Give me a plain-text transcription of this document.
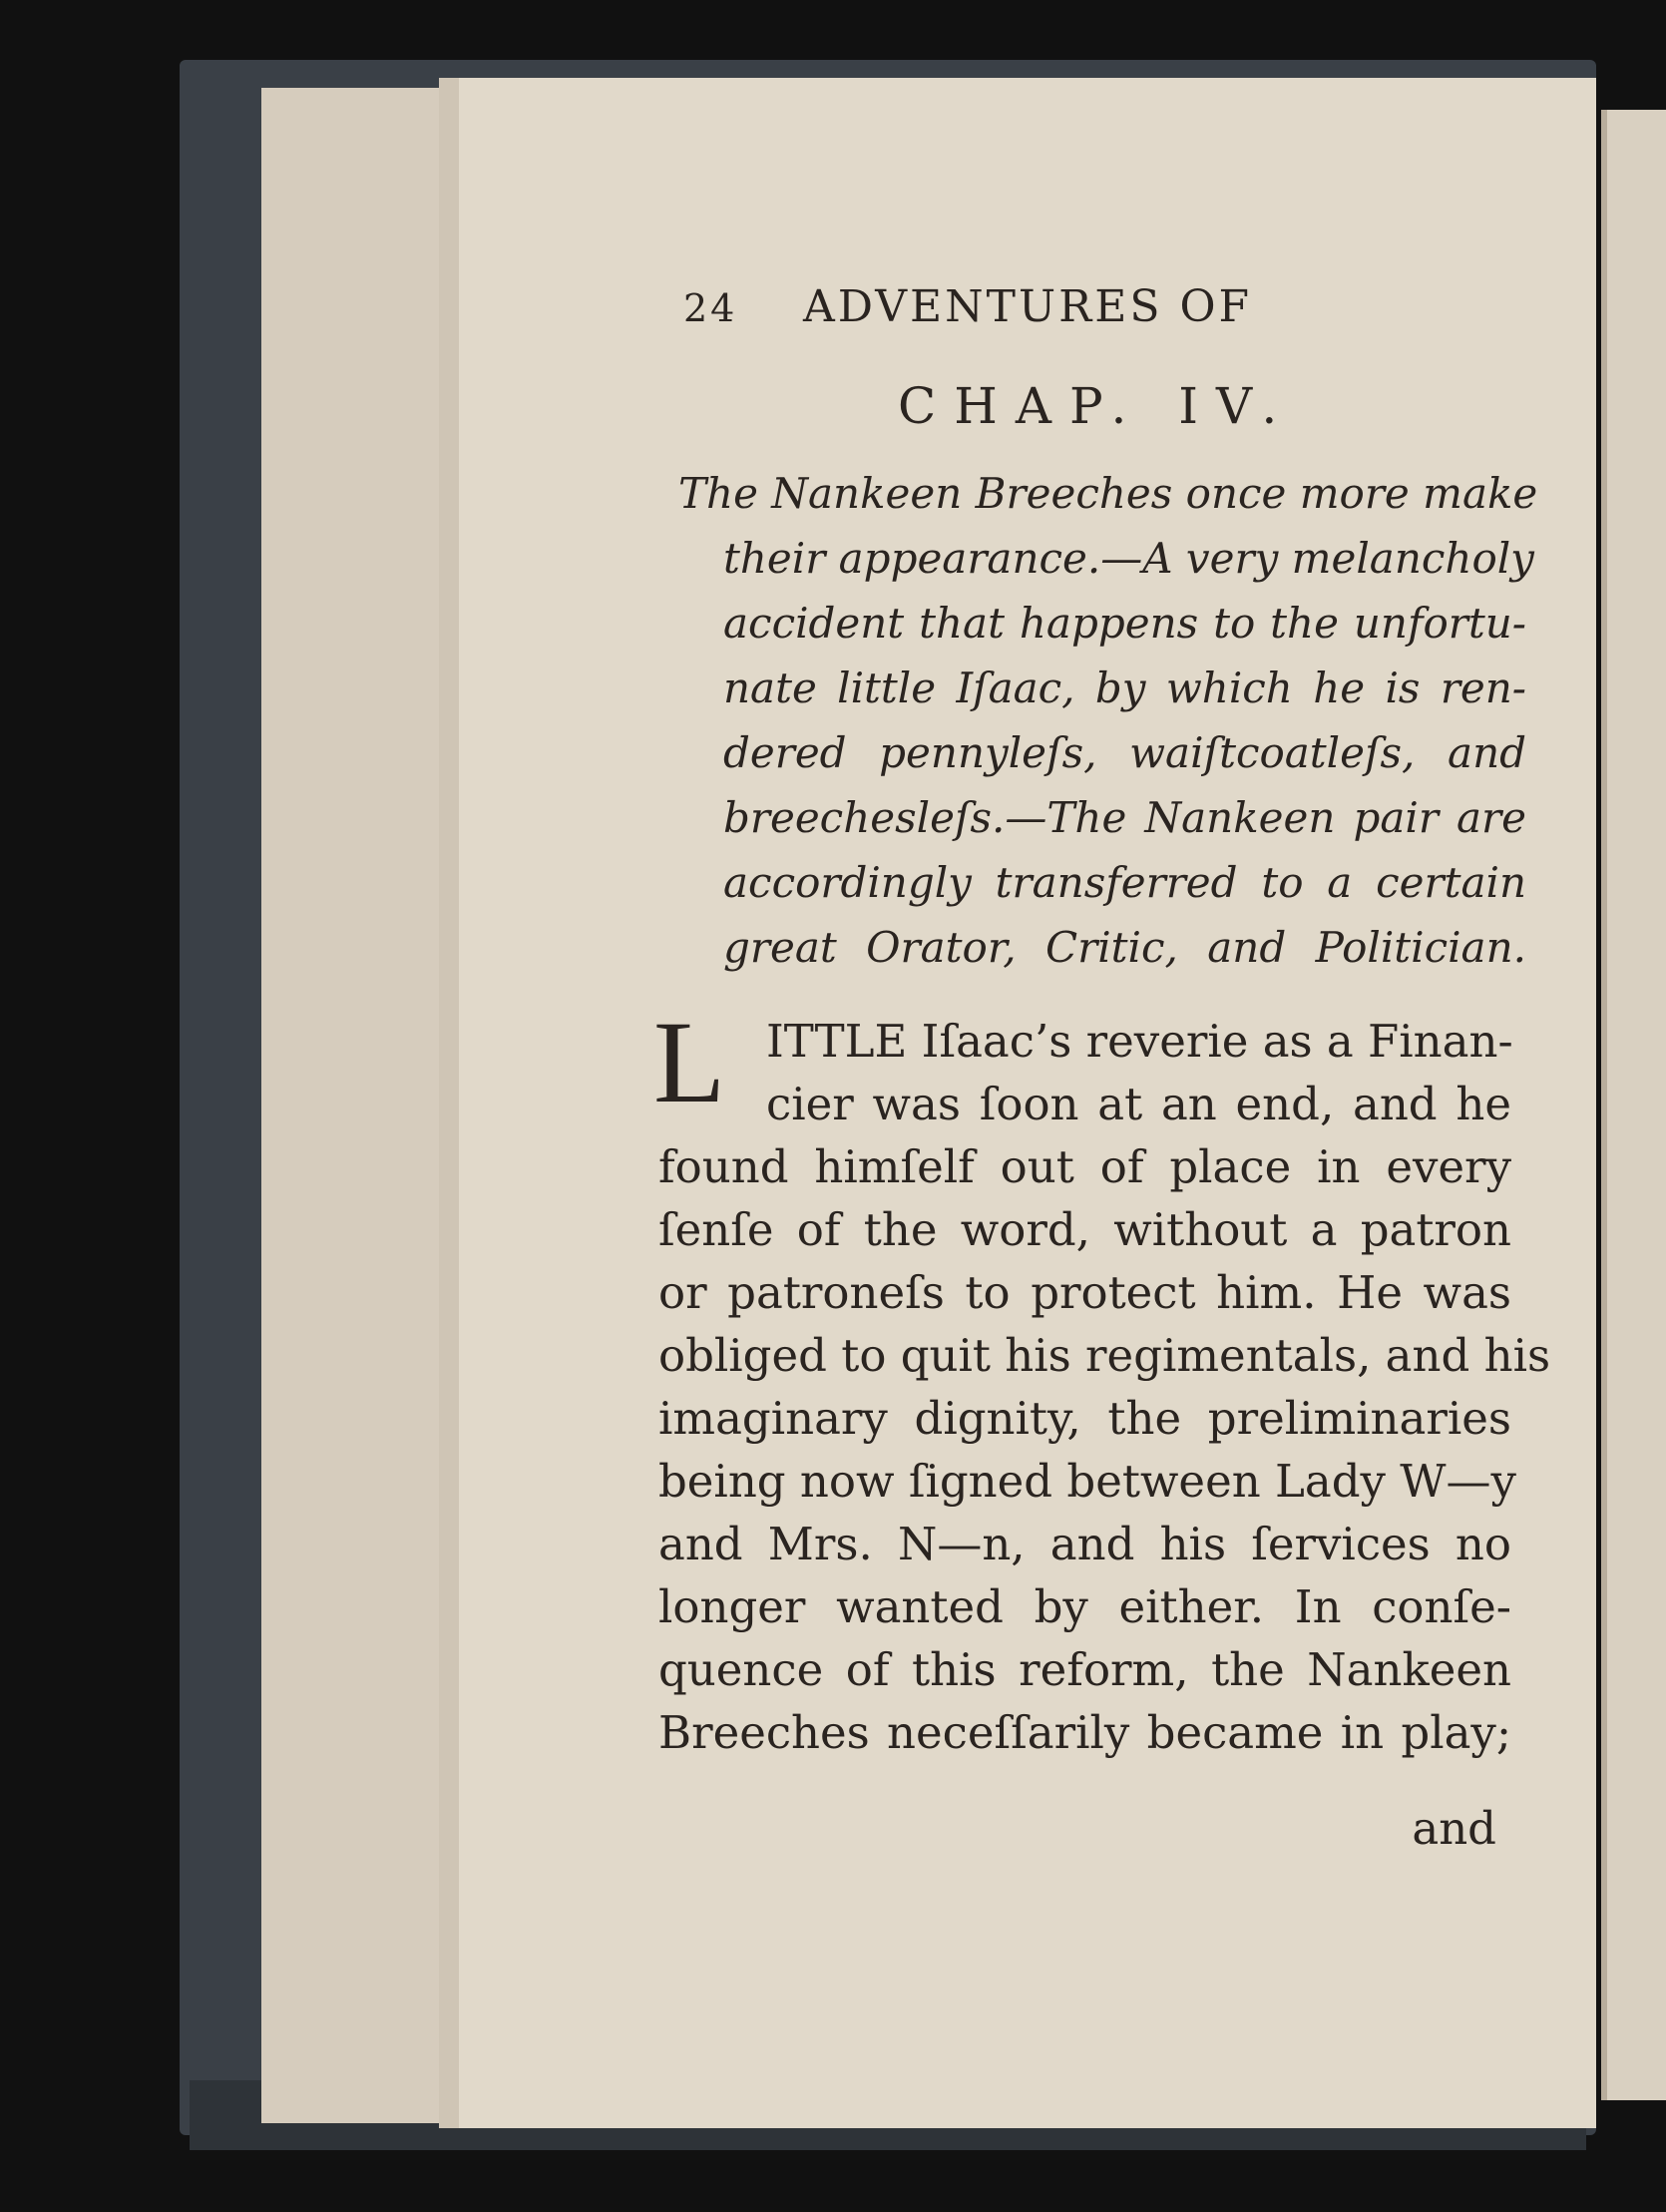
24 ADVENTURES OF
CHAP. IV.
The Nankeen Breeches once more make
their appearance.—A very melancholy
accident that happens to the unfortu-
nate little Iſaac, by which he is ren-
dered pennyleſs, waiſtcoatleſs, and
breechesleſs.—The Nankeen pair are
accordingly transferred to a certain
great Orator, Critic, and Politician.
L ITTLE Iſaac’s reverie as a Finan-
cier was ſoon at an end, and he
found himſelf out of place in every
ſenſe of the word, without a patron
or patroneſs to protect him. He was
obliged to quit his regimentals, and his
imaginary dignity, the preliminaries
being now ſigned between Lady W—y
and Mrs. N—n, and his ſervices no
longer wanted by either. In conſe-
quence of this reform, the Nankeen
Breeches neceſſarily became in play;
and
